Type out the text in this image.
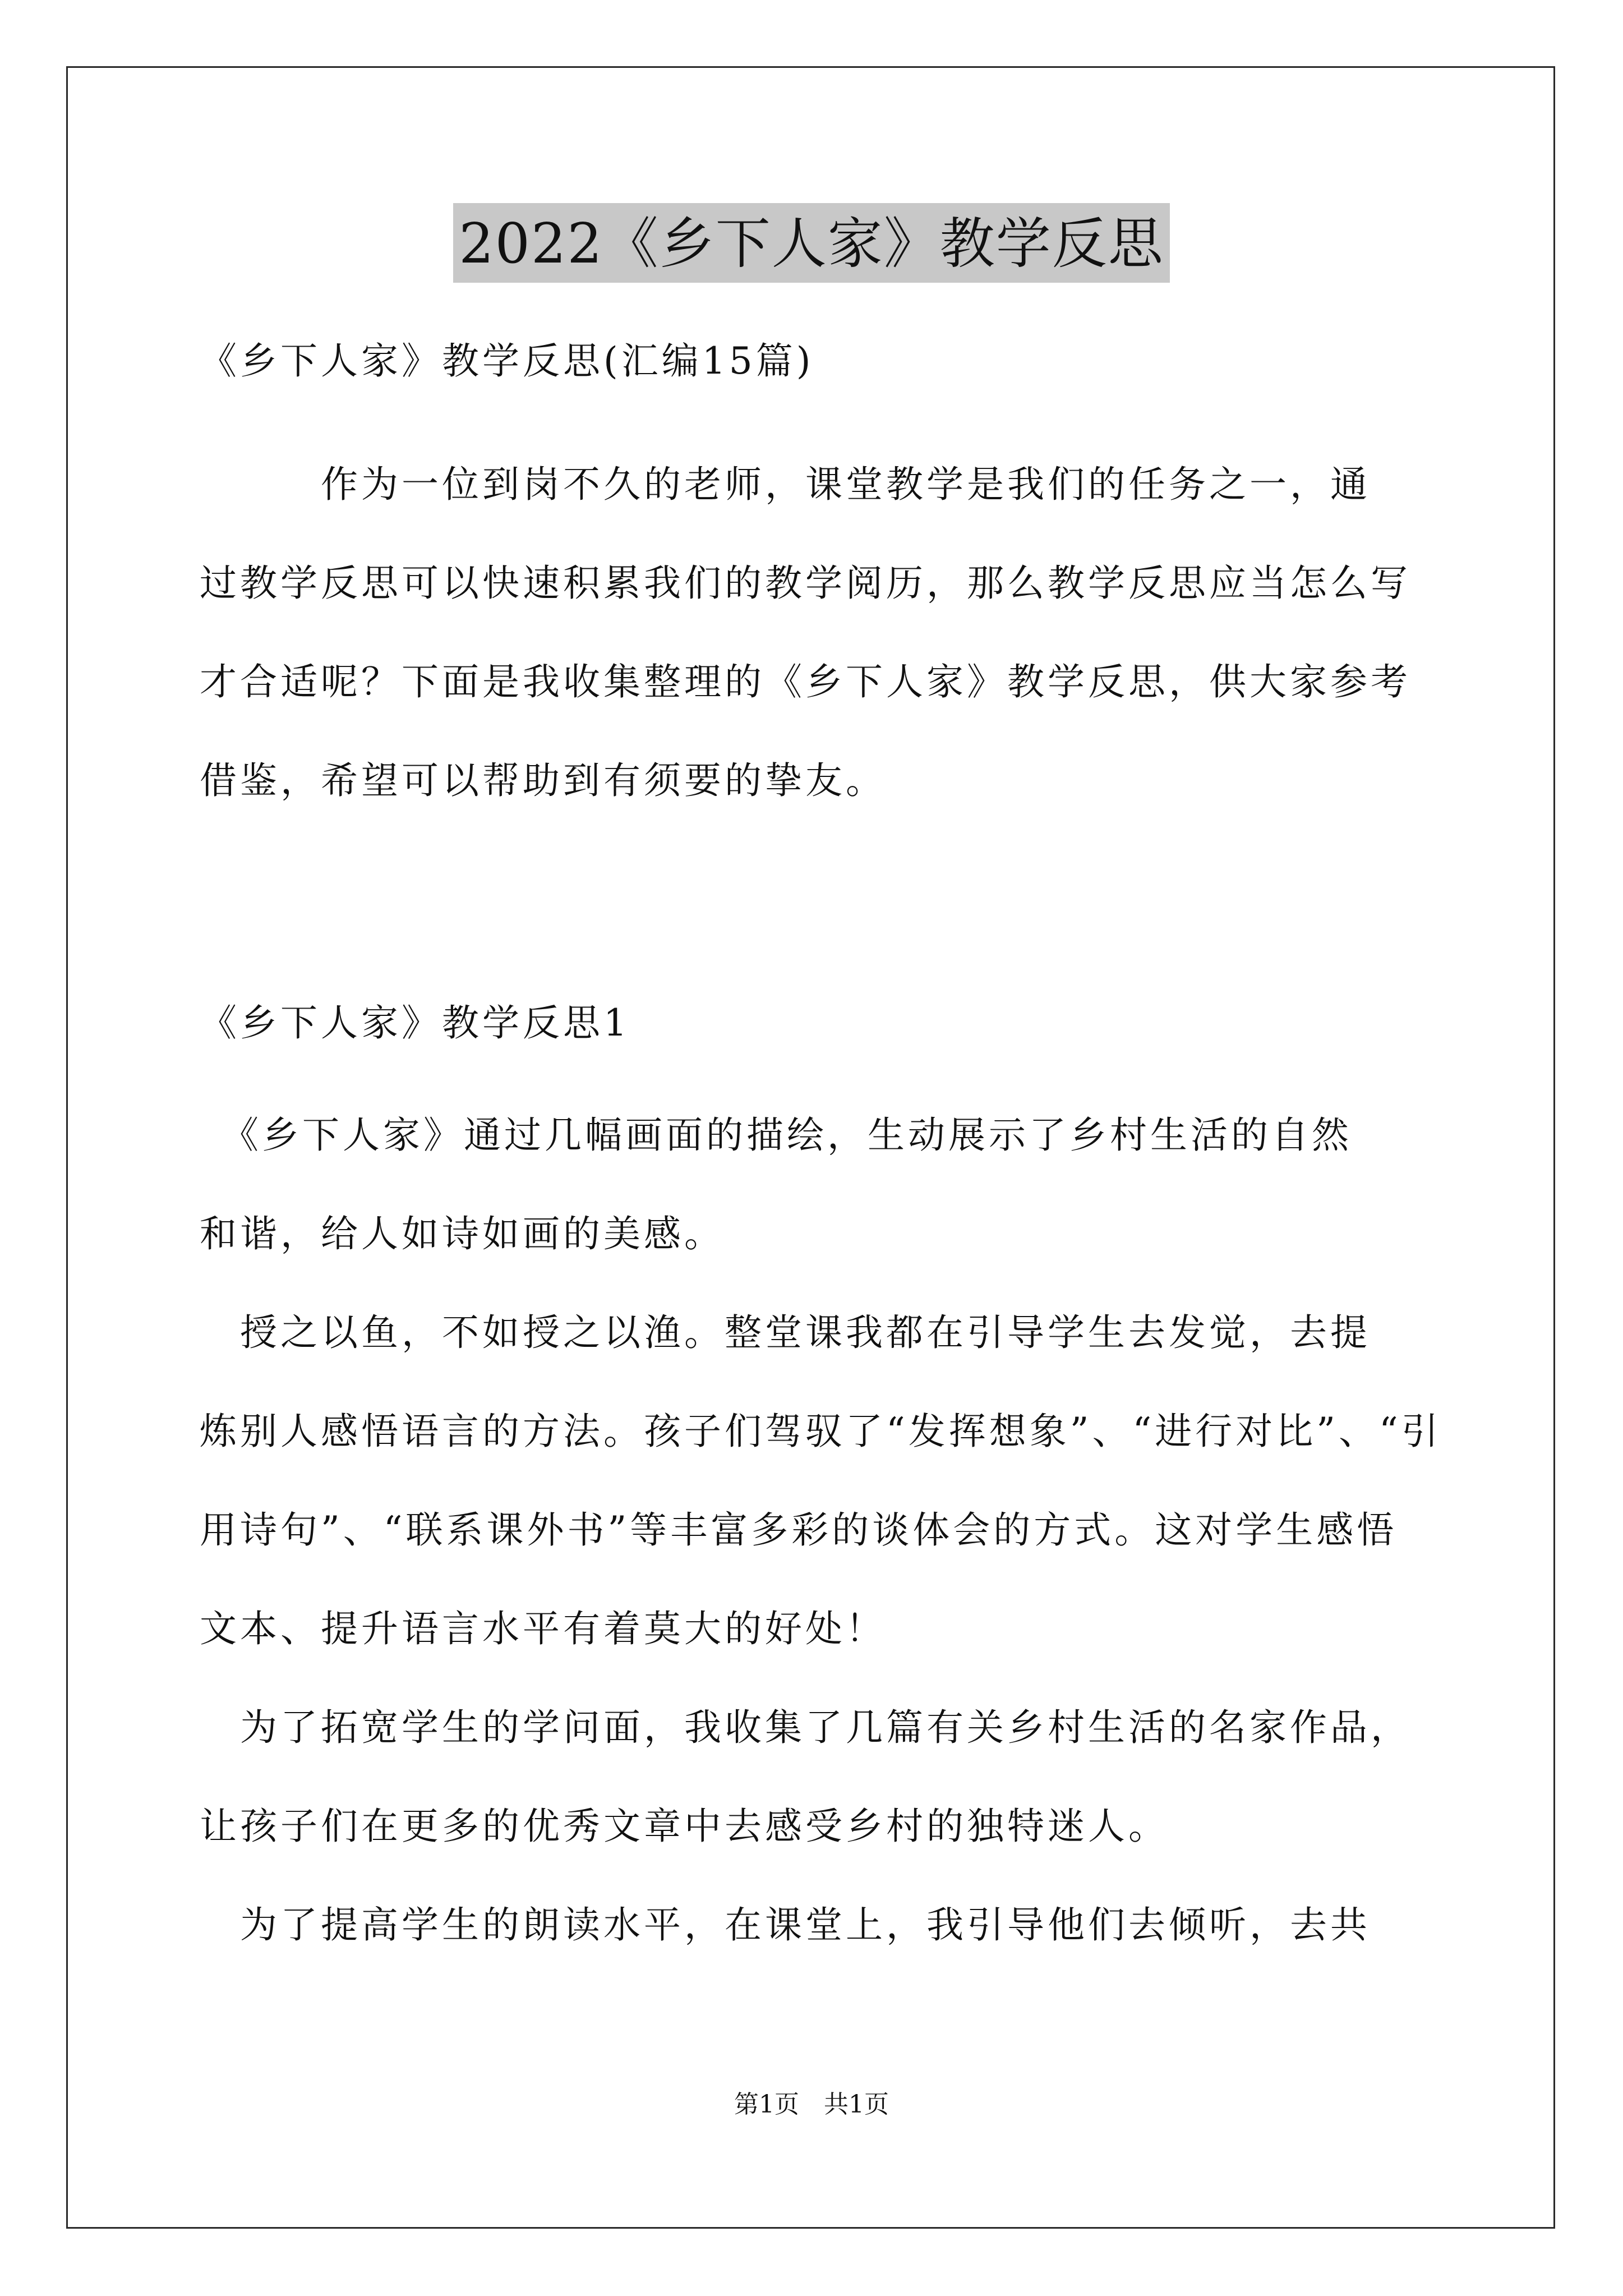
2022《乡下人家》教学反思

《乡下人家》教学反思(汇编15篇)

　　　作为一位到岗不久的老师，课堂教学是我们的任务之一，通
过教学反思可以快速积累我们的教学阅历，那么教学反思应当怎么写
才合适呢？下面是我收集整理的《乡下人家》教学反思，供大家参考
借鉴，希望可以帮助到有须要的挚友。

《乡下人家》教学反思1

　《乡下人家》通过几幅画面的描绘，生动展示了乡村生活的自然
和谐，给人如诗如画的美感。
　授之以鱼，不如授之以渔。整堂课我都在引导学生去发觉，去提
炼别人感悟语言的方法。孩子们驾驭了“发挥想象”、“进行对比”、“引
用诗句”、“联系课外书”等丰富多彩的谈体会的方式。这对学生感悟
文本、提升语言水平有着莫大的好处！
　为了拓宽学生的学问面，我收集了几篇有关乡村生活的名家作品，
让孩子们在更多的优秀文章中去感受乡村的独特迷人。
　为了提高学生的朗读水平，在课堂上，我引导他们去倾听，去共

第1页　共1页
